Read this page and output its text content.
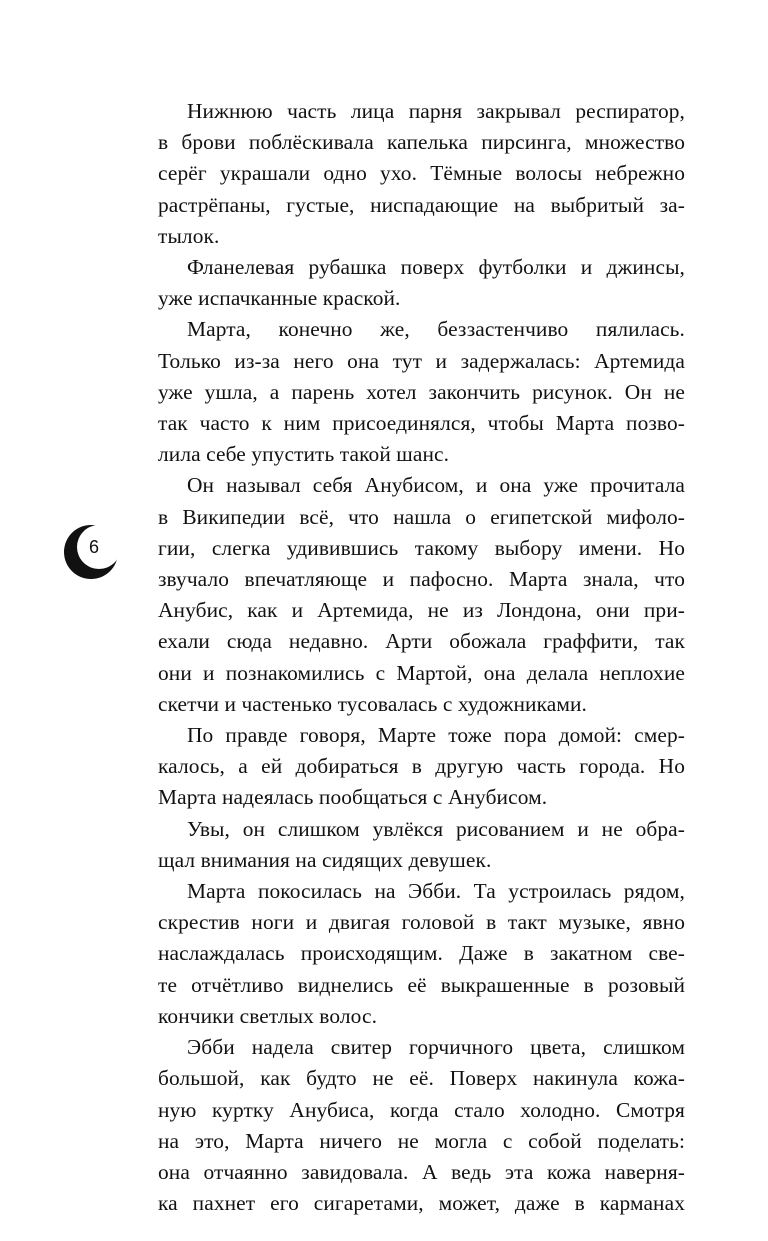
6
Нижнюю часть лица парня закрывал респиратор,
в брови поблёскивала капелька пирсинга, множество
серёг украшали одно ухо. Тёмные волосы небрежно
растрёпаны, густые, ниспадающие на выбритый за-
тылок.
Фланелевая рубашка поверх футболки и джинсы,
уже испачканные краской.
Марта, конечно же, беззастенчиво пялилась.
Только из-за него она тут и задержалась: Артемида
уже ушла, а парень хотел закончить рисунок. Он не
так часто к ним присоединялся, чтобы Марта позво-
лила себе упустить такой шанс.
Он называл себя Анубисом, и она уже прочитала
в Википедии всё, что нашла о египетской мифоло-
гии, слегка удивившись такому выбору имени. Но
звучало впечатляюще и пафосно. Марта знала, что
Анубис, как и Артемида, не из Лондона, они при-
ехали сюда недавно. Арти обожала граффити, так
они и познакомились с Мартой, она делала неплохие
скетчи и частенько тусовалась с художниками.
По правде говоря, Марте тоже пора домой: смер-
калось, а ей добираться в другую часть города. Но
Марта надеялась пообщаться с Анубисом.
Увы, он слишком увлёкся рисованием и не обра-
щал внимания на сидящих девушек.
Марта покосилась на Эбби. Та устроилась рядом,
скрестив ноги и двигая головой в такт музыке, явно
наслаждалась происходящим. Даже в закатном све-
те отчётливо виднелись её выкрашенные в розовый
кончики светлых волос.
Эбби надела свитер горчичного цвета, слишком
большой, как будто не её. Поверх накинула кожа-
ную куртку Анубиса, когда стало холодно. Смотря
на это, Марта ничего не могла с собой поделать:
она отчаянно завидовала. А ведь эта кожа наверня-
ка пахнет его сигаретами, может, даже в карманах
